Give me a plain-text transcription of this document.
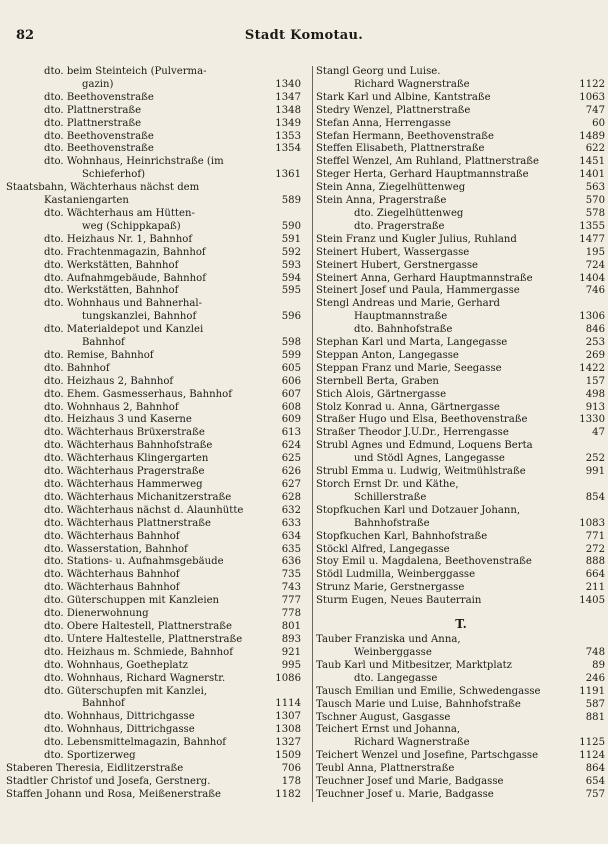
82	Stadt Komotau.
dto. beim Steinteich (Pulverma-
gazin)	1340
dto. Beethovenstraße	1347
dto. Plattnerstraße	1348
dto. Plattnerstraße	1349
dto. Beethovenstraße	1353
dto. Beethovenstraße	1354
dto. Wohnhaus, Heinrichstraße (im
Schieferhof)	1361
Staatsbahn, Wächterhaus nächst dem
Kastaniengarten	589
dto. Wächterhaus am Hütten-
weg (Schippkapaß)	590
dto. Heizhaus Nr. 1, Bahnhof	591
dto. Frachtenmagazin, Bahnhof	592
dto. Werkstätten, Bahnhof	593
dto. Aufnahmgebäude, Bahnhof	594
dto. Werkstätten, Bahnhof	595
dto. Wohnhaus und Bahnerhal-
tungskanzlei, Bahnhof	596
dto. Materialdepot und Kanzlei
Bahnhof	598
dto. Remise, Bahnhof	599
dto. Bahnhof	605
dto. Heizhaus 2, Bahnhof	606
dto. Ehem. Gasmesserhaus, Bahnhof	607
dto. Wohnhaus 2, Bahnhof	608
dto. Heizhaus 3 und Kaserne	609
dto. Wächterhaus Brüxerstraße	613
dto. Wächterhaus Bahnhofstraße	624
dto. Wächterhaus Klingergarten	625
dto. Wächterhaus Pragerstraße	626
dto. Wächterhaus Hammerweg	627
dto. Wächterhaus Michanitzerstraße	628
dto. Wächterhaus nächst d. Alaunhütte	632
dto. Wächterhaus Plattnerstraße	633
dto. Wächterhaus Bahnhof	634
dto. Wasserstation, Bahnhof	635
dto. Stations- u. Aufnahmsgebäude	636
dto. Wächterhaus Bahnhof	735
dto. Wächterhaus Bahnhof	743
dto. Güterschuppen mit Kanzleien	777
dto. Dienerwohnung	778
dto. Obere Haltestell, Plattnerstraße	801
dto. Untere Haltestelle, Plattnerstraße	893
dto. Heizhaus m. Schmiede, Bahnhof	921
dto. Wohnhaus, Goetheplatz	995
dto. Wohnhaus, Richard Wagnerstr.	1086
dto. Güterschupfen mit Kanzlei,
Bahnhof	1114
dto. Wohnhaus, Dittrichgasse	1307
dto. Wohnhaus, Dittrichgasse	1308
dto. Lebensmittelmagazin, Bahnhof	1327
dto. Sportizerweg	1509
Staberen Theresia, Eidlitzerstraße	706
Stadtler Christof und Josefa, Gerstnerg.	178
Staffen Johann und Rosa, Meißenerstraße	1182
Stangl Georg und Luise.
Richard Wagnerstraße	1122
Stark Karl und Albine, Kantstraße	1063
Stedry Wenzel, Plattnerstraße	747
Stefan Anna, Herrengasse	60
Stefan Hermann, Beethovenstraße	1489
Steffen Elisabeth, Plattnerstraße	622
Steffel Wenzel, Am Ruhland, Plattnerstraße	1451
Steger Herta, Gerhard Hauptmannstraße	1401
Stein Anna, Ziegelhüttenweg	563
Stein Anna, Pragerstraße	570
dto. Ziegelhüttenweg	578
dto. Pragerstraße	1355
Stein Franz und Kugler Julius, Ruhland	1477
Steinert Hubert, Wassergasse	195
Steinert Hubert, Gerstnergasse	724
Steinert Anna, Gerhard Hauptmannstraße	1404
Steinert Josef und Paula, Hammergasse	746
Stengl Andreas und Marie, Gerhard
Hauptmannstraße	1306
dto. Bahnhofstraße	846
Stephan Karl und Marta, Langegasse	253
Steppan Anton, Langegasse	269
Steppan Franz und Marie, Seegasse	1422
Sternbell Berta, Graben	157
Stich Alois, Gärtnergasse	498
Stolz Konrad u. Anna, Gärtnergasse	913
Straßer Hugo und Elsa, Beethovenstraße	1330
Straßer Theodor J.U.Dr., Herrengasse	47
Strubl Agnes und Edmund, Loquens Berta
und Stödl Agnes, Langegasse	252
Strubl Emma u. Ludwig, Weitmühlstraße	991
Storch Ernst Dr. und Käthe,
Schillerstraße	854
Stopfkuchen Karl und Dotzauer Johann,
Bahnhofstraße	1083
Stopfkuchen Karl, Bahnhofstraße	771
Stöckl Alfred, Langegasse	272
Stoy Emil u. Magdalena, Beethovenstraße	888
Stödl Ludmilla, Weinberggasse	664
Strunz Marie, Gerstnergasse	211
Sturm Eugen, Neues Bauterrain	1405
T.
Tauber Franziska und Anna,
Weinberggasse	748
Taub Karl und Mitbesitzer, Marktplatz	89
dto. Langegasse	246
Tausch Emilian und Emilie, Schwedengasse	1191
Tausch Marie und Luise, Bahnhofstraße	587
Tschner August, Gasgasse	881
Teichert Ernst und Johanna,
Richard Wagnerstraße	1125
Teichert Wenzel und Josefine, Partschgasse	1124
Teubl Anna, Plattnerstraße	864
Teuchner Josef und Marie, Badgasse	654
Teuchner Josef u. Marie, Badgasse	757
